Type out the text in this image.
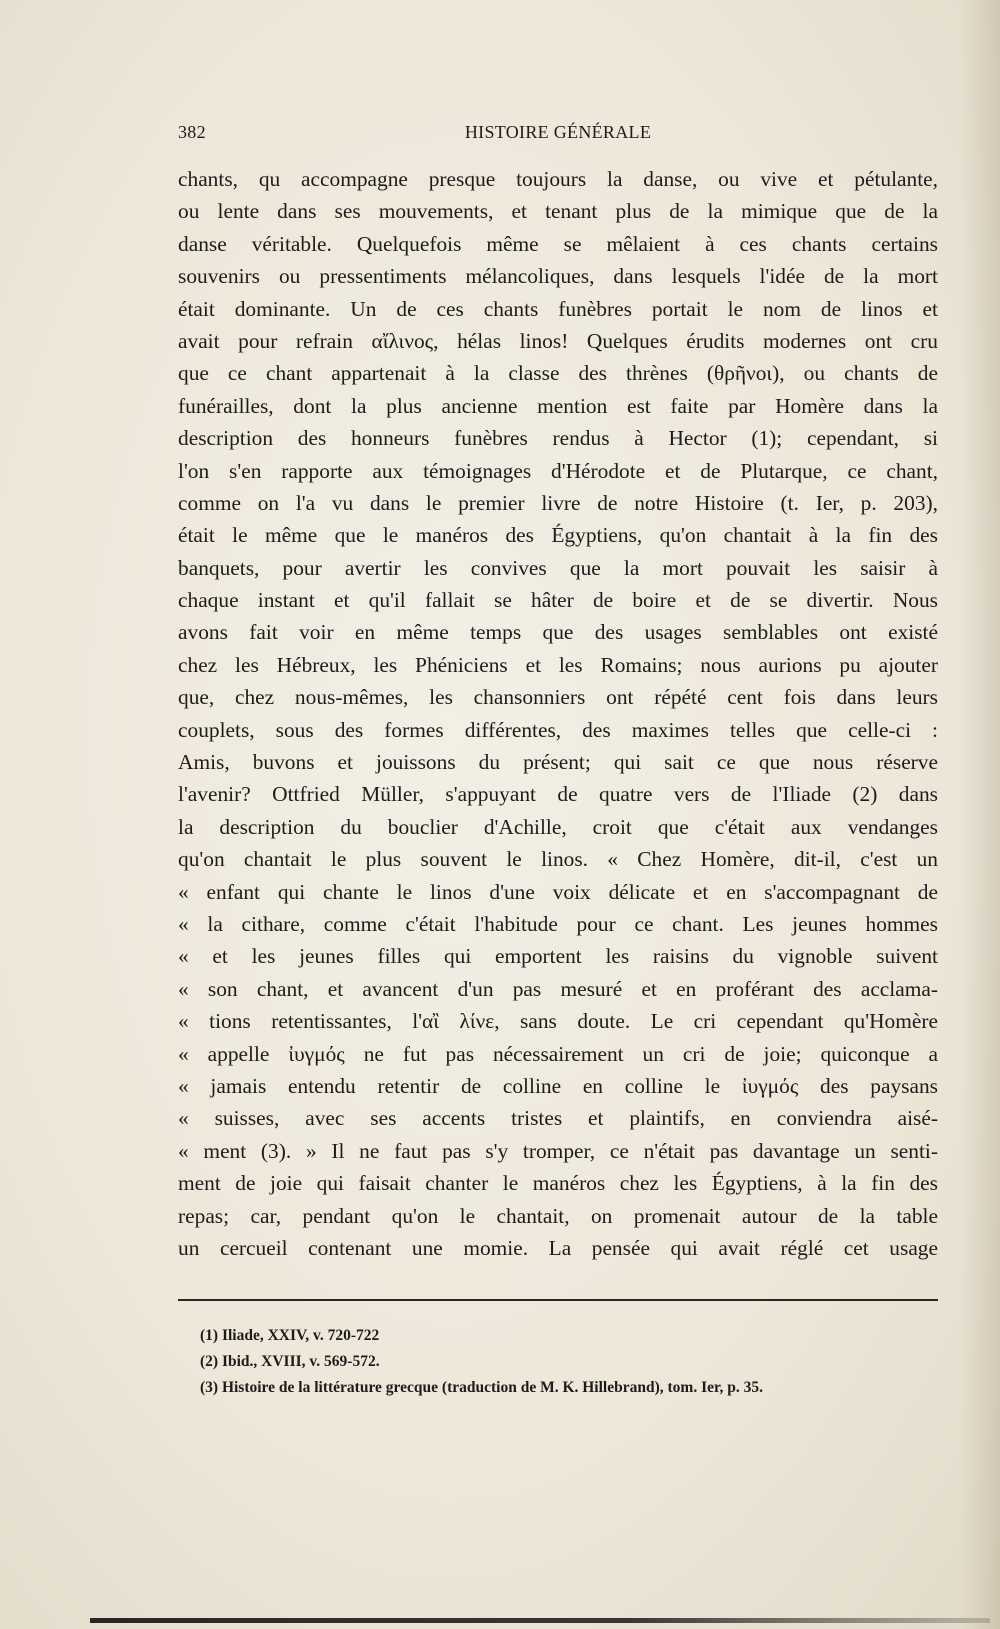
382	HISTOIRE GÉNÉRALE
chants, qu accompagne presque toujours la danse, ou vive et pétulante,
ou lente dans ses mouvements, et tenant plus de la mimique que de la
danse véritable. Quelquefois même se mêlaient à ces chants certains
souvenirs ou pressentiments mélancoliques, dans lesquels l'idée de la mort
était dominante. Un de ces chants funèbres portait le nom de linos et
avait pour refrain αἴλινος, hélas linos! Quelques érudits modernes ont cru
que ce chant appartenait à la classe des thrènes (θρῆνοι), ou chants de
funérailles, dont la plus ancienne mention est faite par Homère dans la
description des honneurs funèbres rendus à Hector (1); cependant, si
l'on s'en rapporte aux témoignages d'Hérodote et de Plutarque, ce chant,
comme on l'a vu dans le premier livre de notre Histoire (t. Ier, p. 203),
était le même que le manéros des Égyptiens, qu'on chantait à la fin des
banquets, pour avertir les convives que la mort pouvait les saisir à
chaque instant et qu'il fallait se hâter de boire et de se divertir. Nous
avons fait voir en même temps que des usages semblables ont existé
chez les Hébreux, les Phéniciens et les Romains; nous aurions pu ajouter
que, chez nous-mêmes, les chansonniers ont répété cent fois dans leurs
couplets, sous des formes différentes, des maximes telles que celle-ci :
Amis, buvons et jouissons du présent; qui sait ce que nous réserve
l'avenir? Ottfried Müller, s'appuyant de quatre vers de l'Iliade (2) dans
la description du bouclier d'Achille, croit que c'était aux vendanges
qu'on chantait le plus souvent le linos. « Chez Homère, dit-il, c'est un
« enfant qui chante le linos d'une voix délicate et en s'accompagnant de
« la cithare, comme c'était l'habitude pour ce chant. Les jeunes hommes
« et les jeunes filles qui emportent les raisins du vignoble suivent
« son chant, et avancent d'un pas mesuré et en proférant des acclama-
« tions retentissantes, l'αἲ λίνε, sans doute. Le cri cependant qu'Homère
« appelle ἰυγμός ne fut pas nécessairement un cri de joie; quiconque a
« jamais entendu retentir de colline en colline le ἰυγμός des paysans
« suisses, avec ses accents tristes et plaintifs, en conviendra aisé-
« ment (3). » Il ne faut pas s'y tromper, ce n'était pas davantage un senti-
ment de joie qui faisait chanter le manéros chez les Égyptiens, à la fin des
repas; car, pendant qu'on le chantait, on promenait autour de la table
un cercueil contenant une momie. La pensée qui avait réglé cet usage
(1) Iliade, XXIV, v. 720-722
(2) Ibid., XVIII, v. 569-572.
(3) Histoire de la littérature grecque (traduction de M. K. Hillebrand), tom. Ier, p. 35.
